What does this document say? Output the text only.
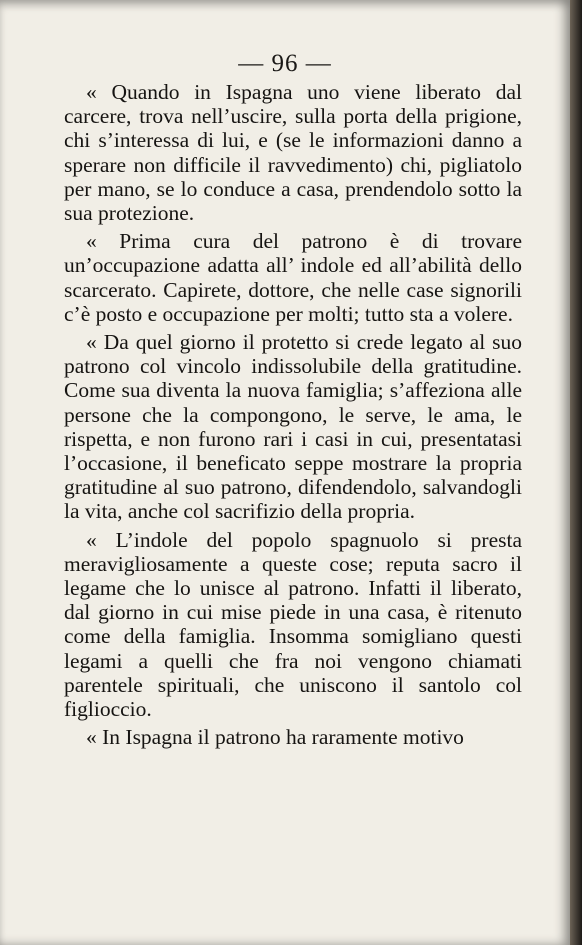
— 96 —

« Quando in Ispagna uno viene liberato dal carcere, trova nell’uscire, sulla porta della prigione, chi s’interessa di lui, e (se le informazioni danno a sperare non difficile il ravvedimento) chi, pigliatolo per mano, se lo conduce a casa, prendendolo sotto la sua protezione.

« Prima cura del patrono è di trovare un’occupazione adatta all’ indole ed all’abilità dello scarcerato. Capirete, dottore, che nelle case signorili c’è posto e occupazione per molti; tutto sta a volere.

« Da quel giorno il protetto si crede legato al suo patrono col vincolo indissolubile della gratitudine. Come sua diventa la nuova famiglia; s’affeziona alle persone che la compongono, le serve, le ama, le rispetta, e non furono rari i casi in cui, presentatasi l’occasione, il beneficato seppe mostrare la propria gratitudine al suo patrono, difendendolo, salvandogli la vita, anche col sacrifizio della propria.

« L’indole del popolo spagnuolo si presta meravigliosamente a queste cose; reputa sacro il legame che lo unisce al patrono. Infatti il liberato, dal giorno in cui mise piede in una casa, è ritenuto come della famiglia. Insomma somigliano questi legami a quelli che fra noi vengono chiamati parentele spirituali, che uniscono il santolo col figlioccio.

« In Ispagna il patrono ha raramente motivo
